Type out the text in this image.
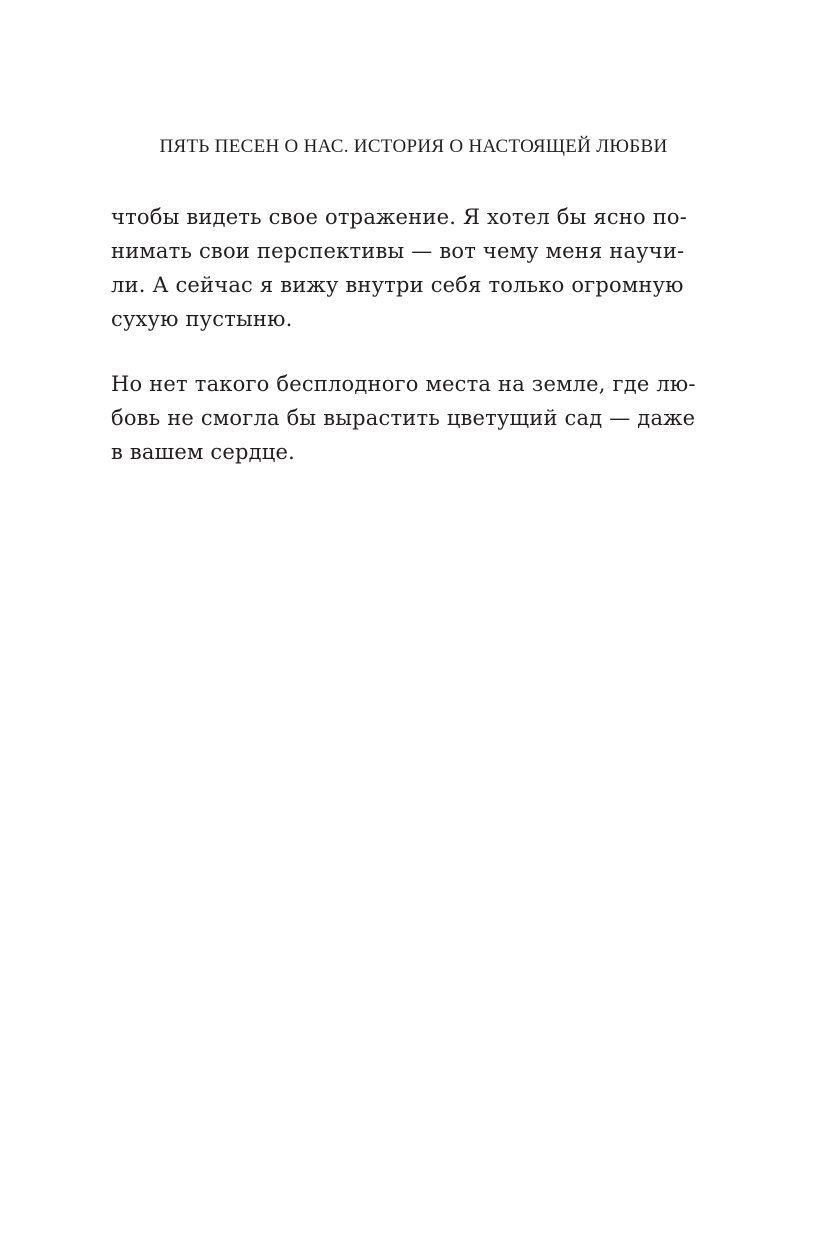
ПЯТЬ ПЕСЕН О НАС. ИСТОРИЯ О НАСТОЯЩЕЙ ЛЮБВИ
чтобы видеть свое отражение. Я хотел бы ясно по-
нимать свои перспективы — вот чему меня научи-
ли. А сейчас я вижу внутри себя только огромную
сухую пустыню.
Но нет такого бесплодного места на земле, где лю-
бовь не смогла бы вырастить цветущий сад — даже
в вашем сердце.
